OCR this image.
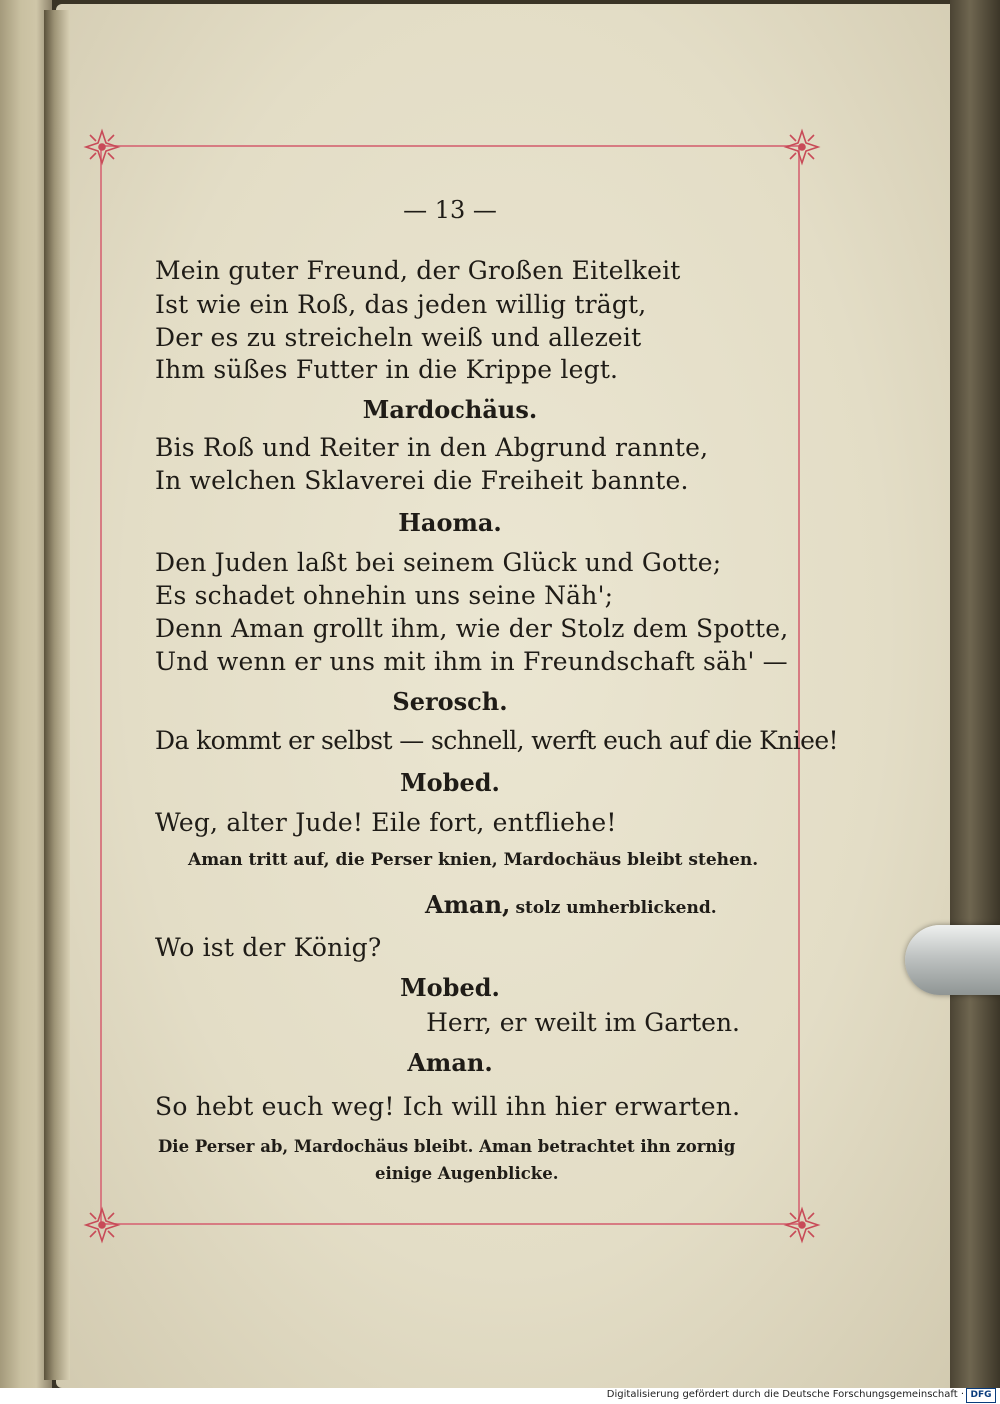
— 13 —
Mein guter Freund, der Großen Eitelkeit
Ist wie ein Roß, das jeden willig trägt,
Der es zu streicheln weiß und allezeit
Ihm süßes Futter in die Krippe legt.
Mardochäus.
Bis Roß und Reiter in den Abgrund rannte,
In welchen Sklaverei die Freiheit bannte.
Haoma.
Den Juden laßt bei seinem Glück und Gotte;
Es schadet ohnehin uns seine Näh';
Denn Aman grollt ihm, wie der Stolz dem Spotte,
Und wenn er uns mit ihm in Freundschaft säh' —
Serosch.
Da kommt er selbst — schnell, werft euch auf die Kniee!
Mobed.
Weg, alter Jude! Eile fort, entfliehe!
Aman tritt auf, die Perser knien, Mardochäus bleibt stehen.
Aman, stolz umherblickend.
Wo ist der König?
Mobed.
Herr, er weilt im Garten.
Aman.
So hebt euch weg! Ich will ihn hier erwarten.
Die Perser ab, Mardochäus bleibt. Aman betrachtet ihn zornig
einige Augenblicke.
Digitalisierung gefördert durch die Deutsche Forschungsgemeinschaft · DFG
